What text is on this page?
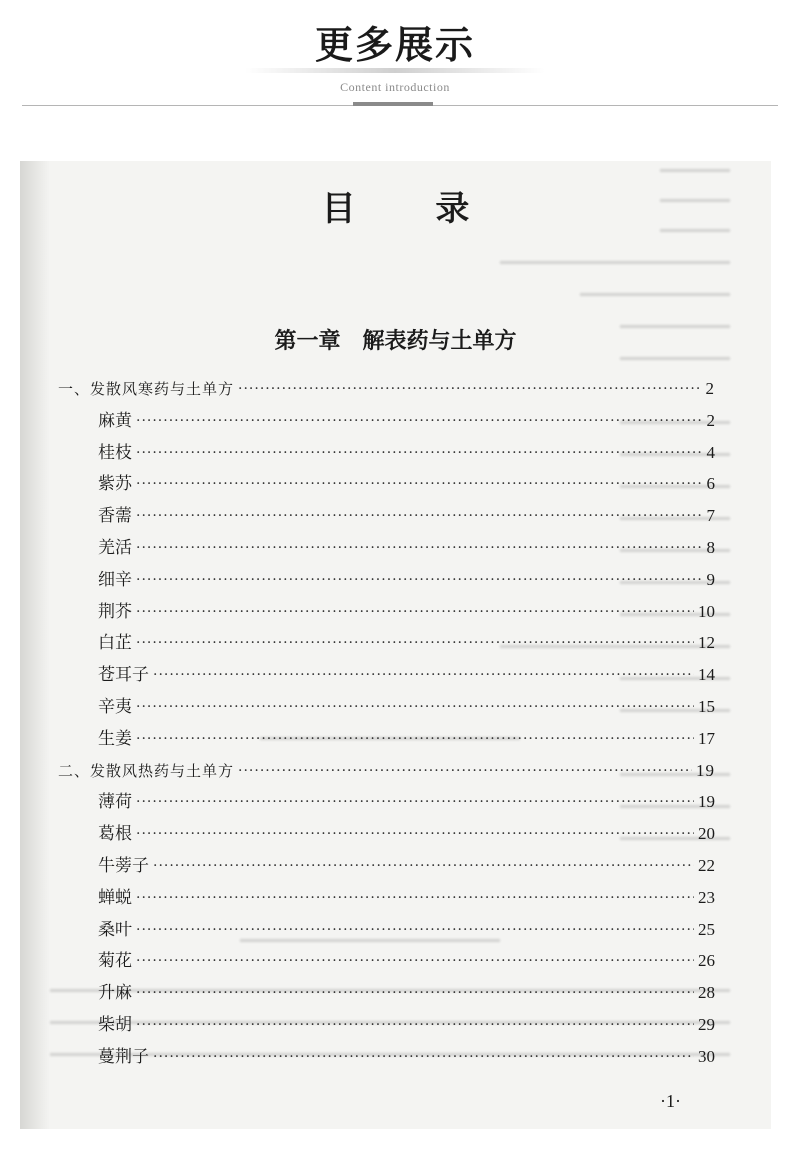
更多展示
Content introduction
目 录
第一章　解表药与土单方
一、发散风寒药与土单方 ·····	2
麻黄 ·····	2
桂枝 ·····	4
紫苏 ·····	6
香薷 ·····	7
羌活 ·····	8
细辛 ·····	9
荆芥 ·····	10
白芷 ·····	12
苍耳子 ·····	14
辛夷 ·····	15
生姜 ·····	17
二、发散风热药与土单方 ·····	19
薄荷 ·····	19
葛根 ·····	20
牛蒡子 ·····	22
蝉蜕 ·····	23
桑叶 ·····	25
菊花 ·····	26
升麻 ·····	28
柴胡 ·····	29
蔓荆子 ·····	30
·1·
